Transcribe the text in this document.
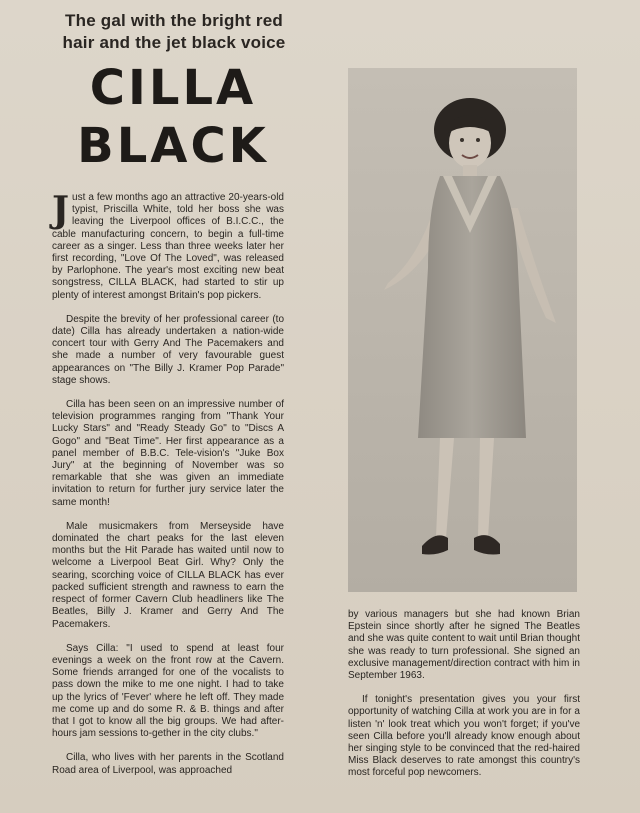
The gal with the bright red hair and the jet black voice
CILLA
BLACK

Just a few months ago an attractive 20-years-old typist, Priscilla White, told her boss she was leaving the Liverpool offices of B.I.C.C., the cable manufacturing concern, to begin a full-time career as a singer. Less than three weeks later her first recording, "Love Of The Loved", was released by Parlophone. The year's most exciting new beat songstress, CILLA BLACK, had started to stir up plenty of interest amongst Britain's pop pickers.

Despite the brevity of her professional career (to date) Cilla has already undertaken a nation-wide concert tour with Gerry And The Pacemakers and she made a number of very favourable guest appearances on "The Billy J. Kramer Pop Parade" stage shows.

Cilla has been seen on an impressive number of television programmes ranging from "Thank Your Lucky Stars" and "Ready Steady Go" to "Discs A Gogo" and "Beat Time". Her first appearance as a panel member of B.B.C. Tele-vision's "Juke Box Jury" at the beginning of November was so remarkable that she was given an immediate invitation to return for further jury service later the same month!

Male musicmakers from Merseyside have dominated the chart peaks for the last eleven months but the Hit Parade has waited until now to welcome a Liverpool Beat Girl. Why? Only the searing, scorching voice of CILLA BLACK has ever packed sufficient strength and rawness to earn the respect of former Cavern Club headliners like The Beatles, Billy J. Kramer and Gerry And The Pacemakers.

Says Cilla: "I used to spend at least four evenings a week on the front row at the Cavern. Some friends arranged for one of the vocalists to pass down the mike to me one night. I had to take up the lyrics of 'Fever' where he left off. They made me come up and do some R. & B. things and after that I got to know all the big groups. We had after-hours jam sessions to-gether in the city clubs."

Cilla, who lives with her parents in the Scotland Road area of Liverpool, was approached

by various managers but she had known Brian Epstein since shortly after he signed The Beatles and she was quite content to wait until Brian thought she was ready to turn professional. She signed an exclusive management/direction contract with him in September 1963.

If tonight's presentation gives you your first opportunity of watching Cilla at work you are in for a listen 'n' look treat which you won't forget; if you've seen Cilla before you'll already know enough about her singing style to be convinced that the red-haired Miss Black deserves to rate amongst this country's most forceful pop newcomers.
